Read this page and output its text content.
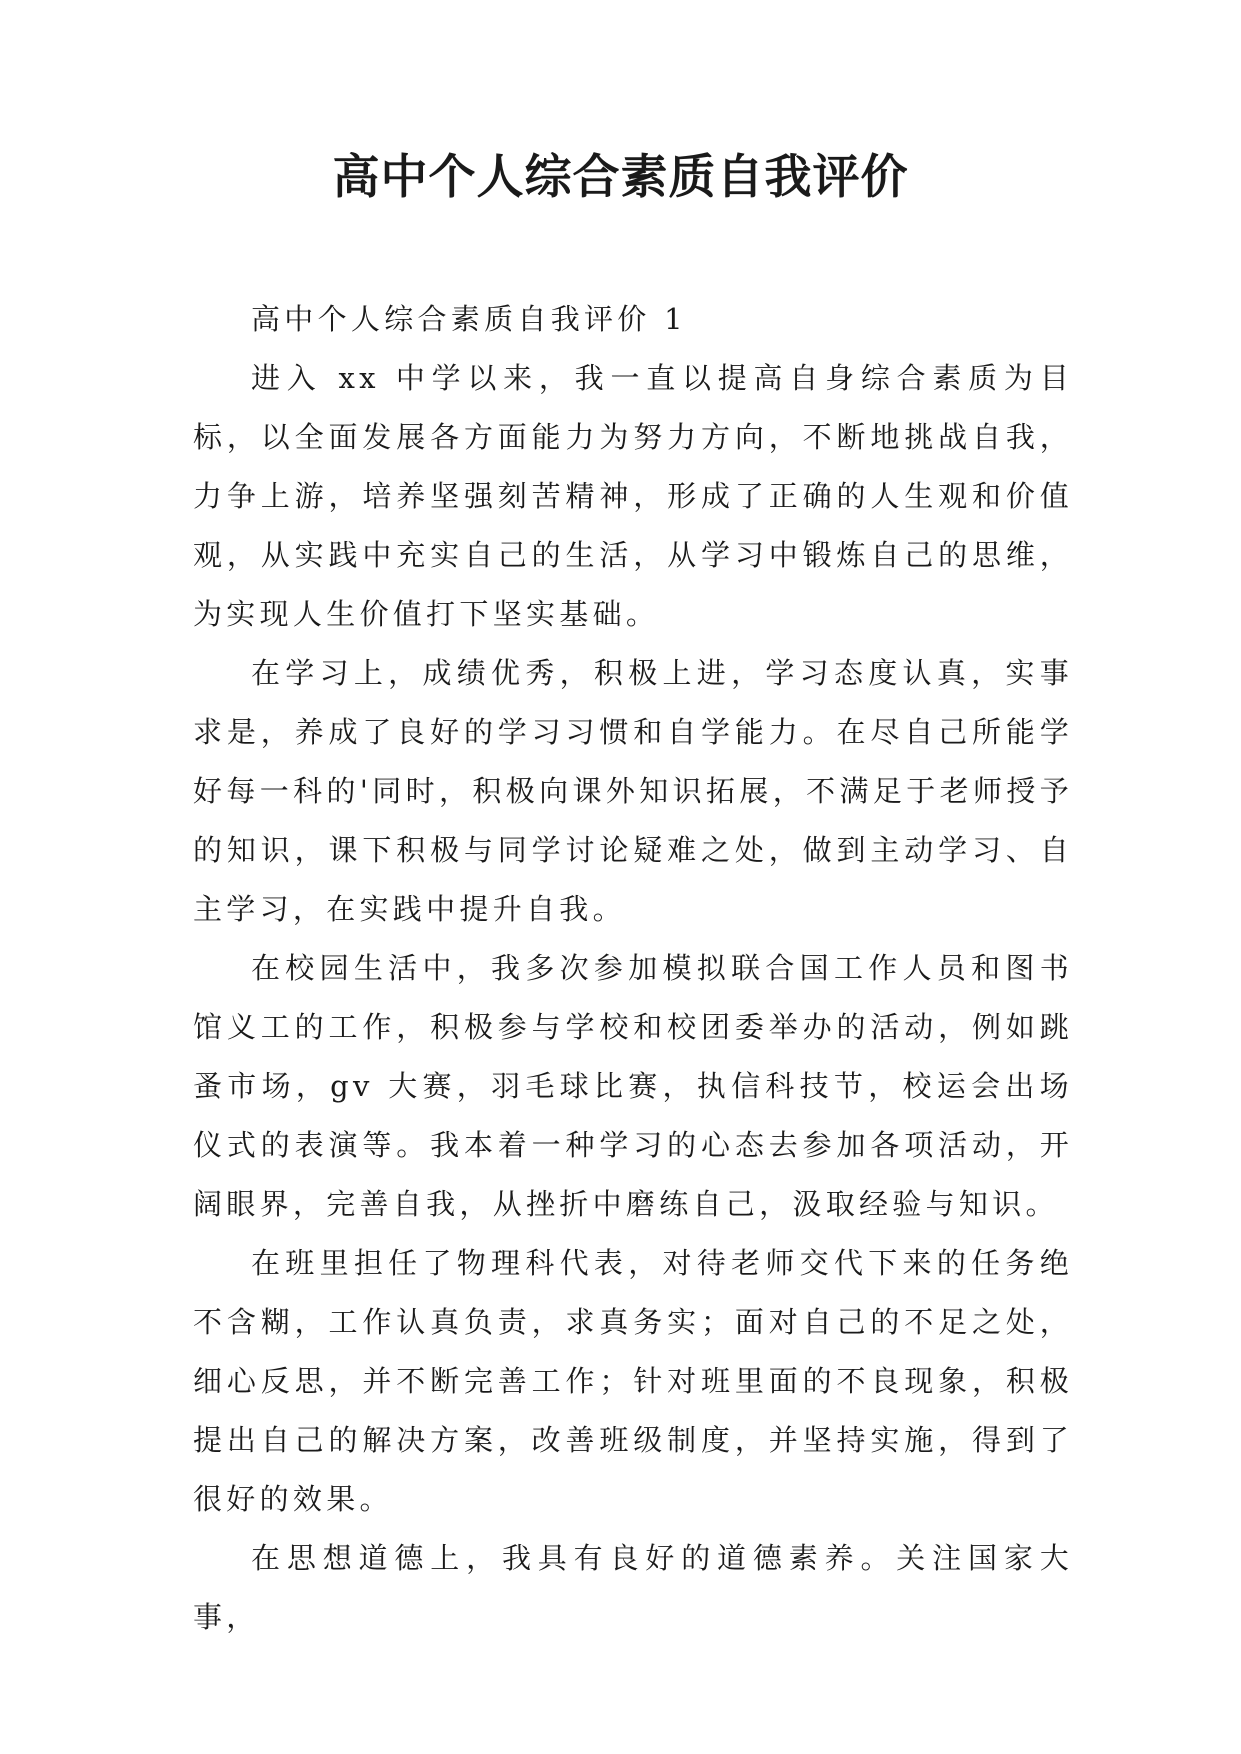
高中个人综合素质自我评价

高中个人综合素质自我评价 1

进入 xx 中学以来，我一直以提高自身综合素质为目标，以全面发展各方面能力为努力方向，不断地挑战自我，力争上游，培养坚强刻苦精神，形成了正确的人生观和价值观，从实践中充实自己的生活，从学习中锻炼自己的思维，为实现人生价值打下坚实基础。

在学习上，成绩优秀，积极上进，学习态度认真，实事求是，养成了良好的学习习惯和自学能力。在尽自己所能学好每一科的'同时，积极向课外知识拓展，不满足于老师授予的知识，课下积极与同学讨论疑难之处，做到主动学习、自主学习，在实践中提升自我。

在校园生活中，我多次参加模拟联合国工作人员和图书馆义工的工作，积极参与学校和校团委举办的活动，例如跳蚤市场，gv 大赛，羽毛球比赛，执信科技节，校运会出场仪式的表演等。我本着一种学习的心态去参加各项活动，开阔眼界，完善自我，从挫折中磨练自己，汲取经验与知识。

在班里担任了物理科代表，对待老师交代下来的任务绝不含糊，工作认真负责，求真务实；面对自己的不足之处，细心反思，并不断完善工作；针对班里面的不良现象，积极提出自己的解决方案，改善班级制度，并坚持实施，得到了很好的效果。

在思想道德上，我具有良好的道德素养。关注国家大事，
